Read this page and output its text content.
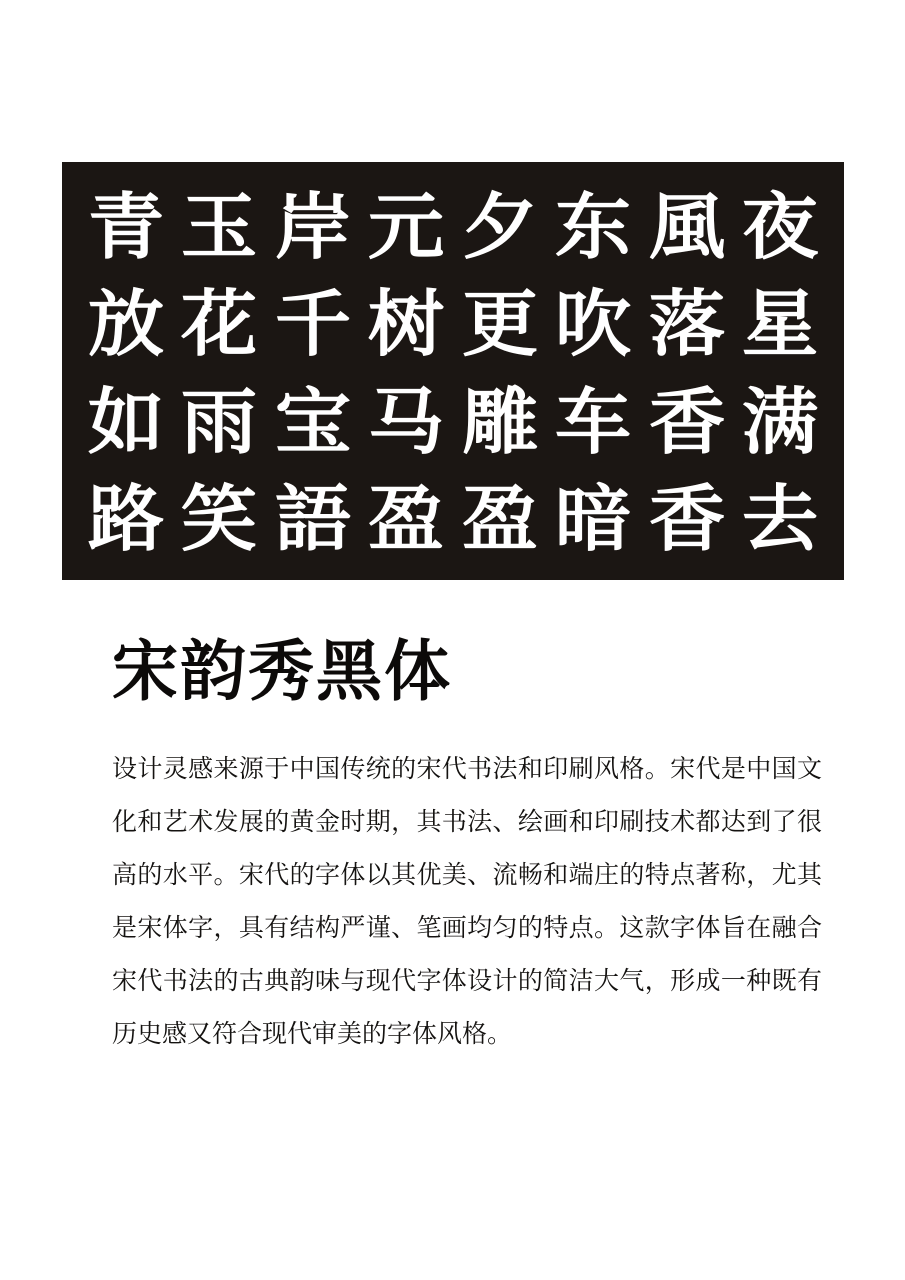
青 玉 岸 元 夕 东 風 夜
放 花 千 树 更 吹 落 星
如 雨 宝 马 雕 车 香 满
路 笑 語 盈 盈 暗 香 去
宋韵秀黑体
设计灵感来源于中国传统的宋代书法和印刷风格。宋代是中国文化和艺术发展的黄金时期，其书法、绘画和印刷技术都达到了很高的水平。宋代的字体以其优美、流畅和端庄的特点著称，尤其是宋体字，具有结构严谨、笔画均匀的特点。这款字体旨在融合宋代书法的古典韵味与现代字体设计的简洁大气，形成一种既有历史感又符合现代审美的字体风格。
